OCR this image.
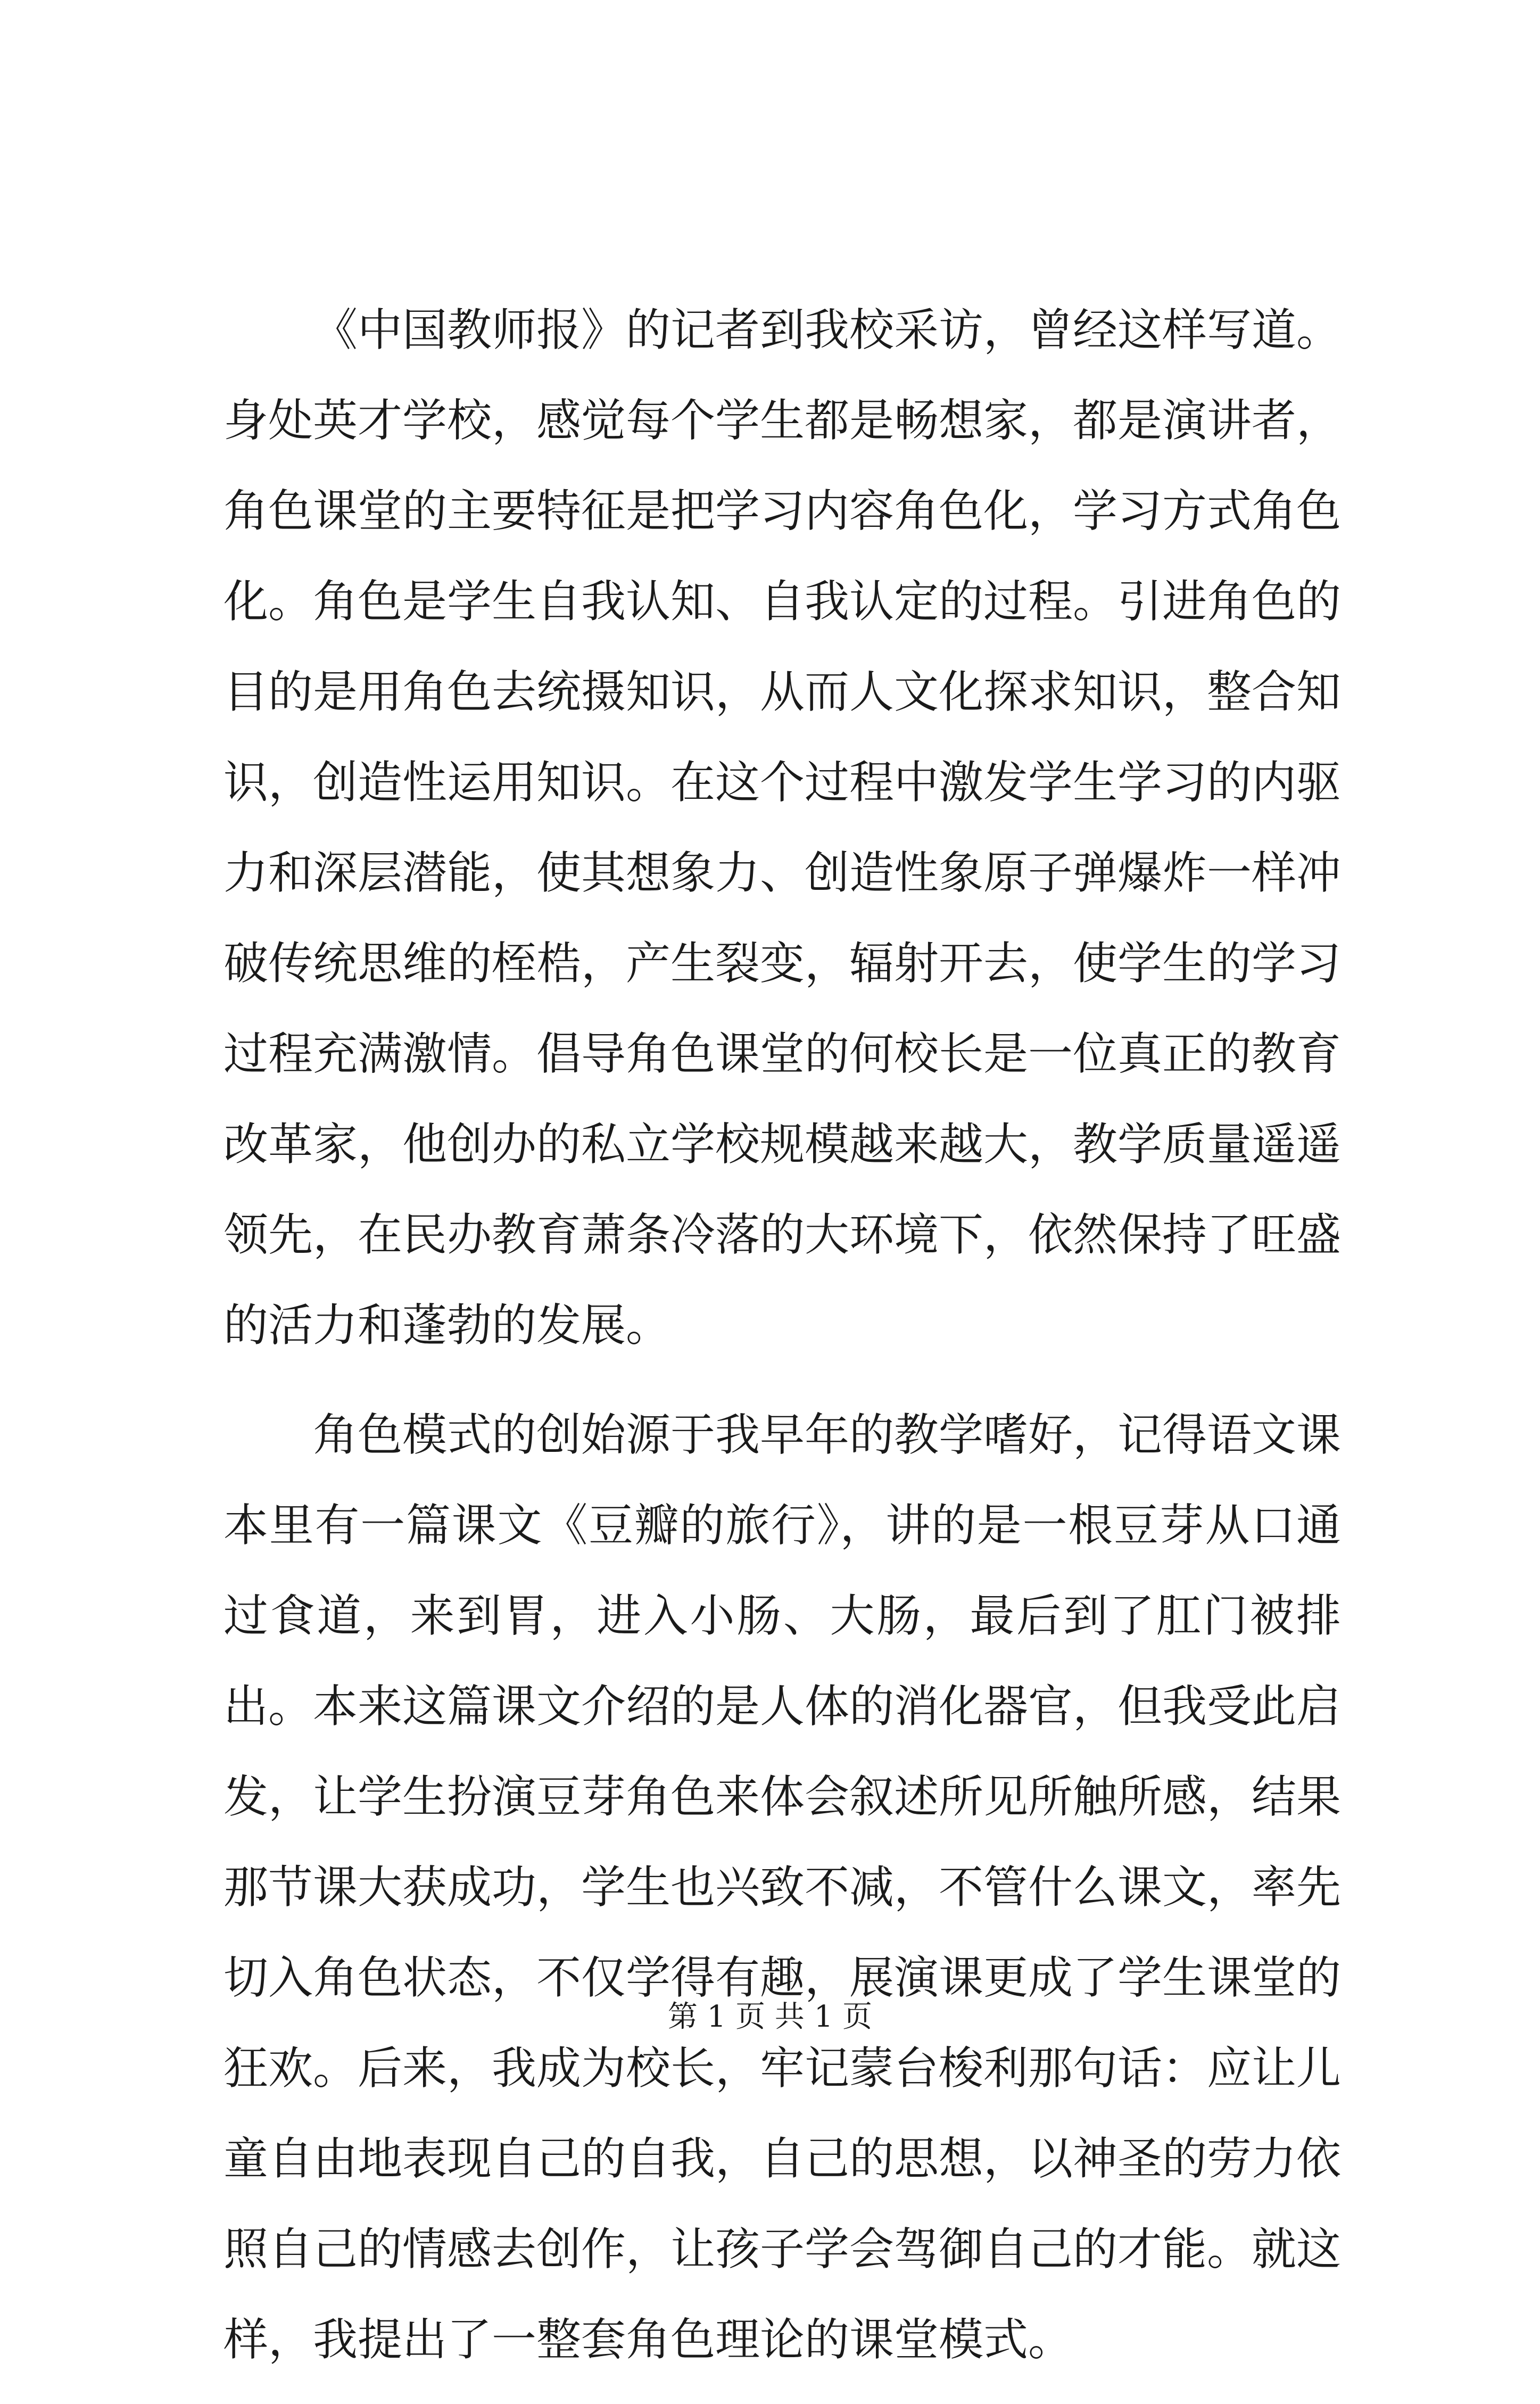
《中国教师报》的记者到我校采访，曾经这样写道。身处英才学校，感觉每个学生都是畅想家，都是演讲者，角色课堂的主要特征是把学习内容角色化，学习方式角色化。角色是学生自我认知、自我认定的过程。引进角色的目的是用角色去统摄知识，从而人文化探求知识，整合知识，创造性运用知识。在这个过程中激发学生学习的内驱力和深层潜能，使其想象力、创造性象原子弹爆炸一样冲破传统思维的桎梏，产生裂变，辐射开去，使学生的学习过程充满激情。倡导角色课堂的何校长是一位真正的教育改革家，他创办的私立学校规模越来越大，教学质量遥遥领先，在民办教育萧条冷落的大环境下，依然保持了旺盛的活力和蓬勃的发展。

角色模式的创始源于我早年的教学嗜好，记得语文课本里有一篇课文《豆瓣的旅行》，讲的是一根豆芽从口通过食道，来到胃，进入小肠、大肠，最后到了肛门被排出。本来这篇课文介绍的是人体的消化器官，但我受此启发，让学生扮演豆芽角色来体会叙述所见所触所感，结果那节课大获成功，学生也兴致不减，不管什么课文，率先切入角色状态，不仅学得有趣，展演课更成了学生课堂的狂欢。后来，我成为校长，牢记蒙台梭利那句话：应让儿童自由地表现自己的自我，自己的思想，以神圣的劳力依照自己的情感去创作，让孩子学会驾御自己的才能。就这样，我提出了一整套角色理论的课堂模式。

第 1 页 共 1 页
